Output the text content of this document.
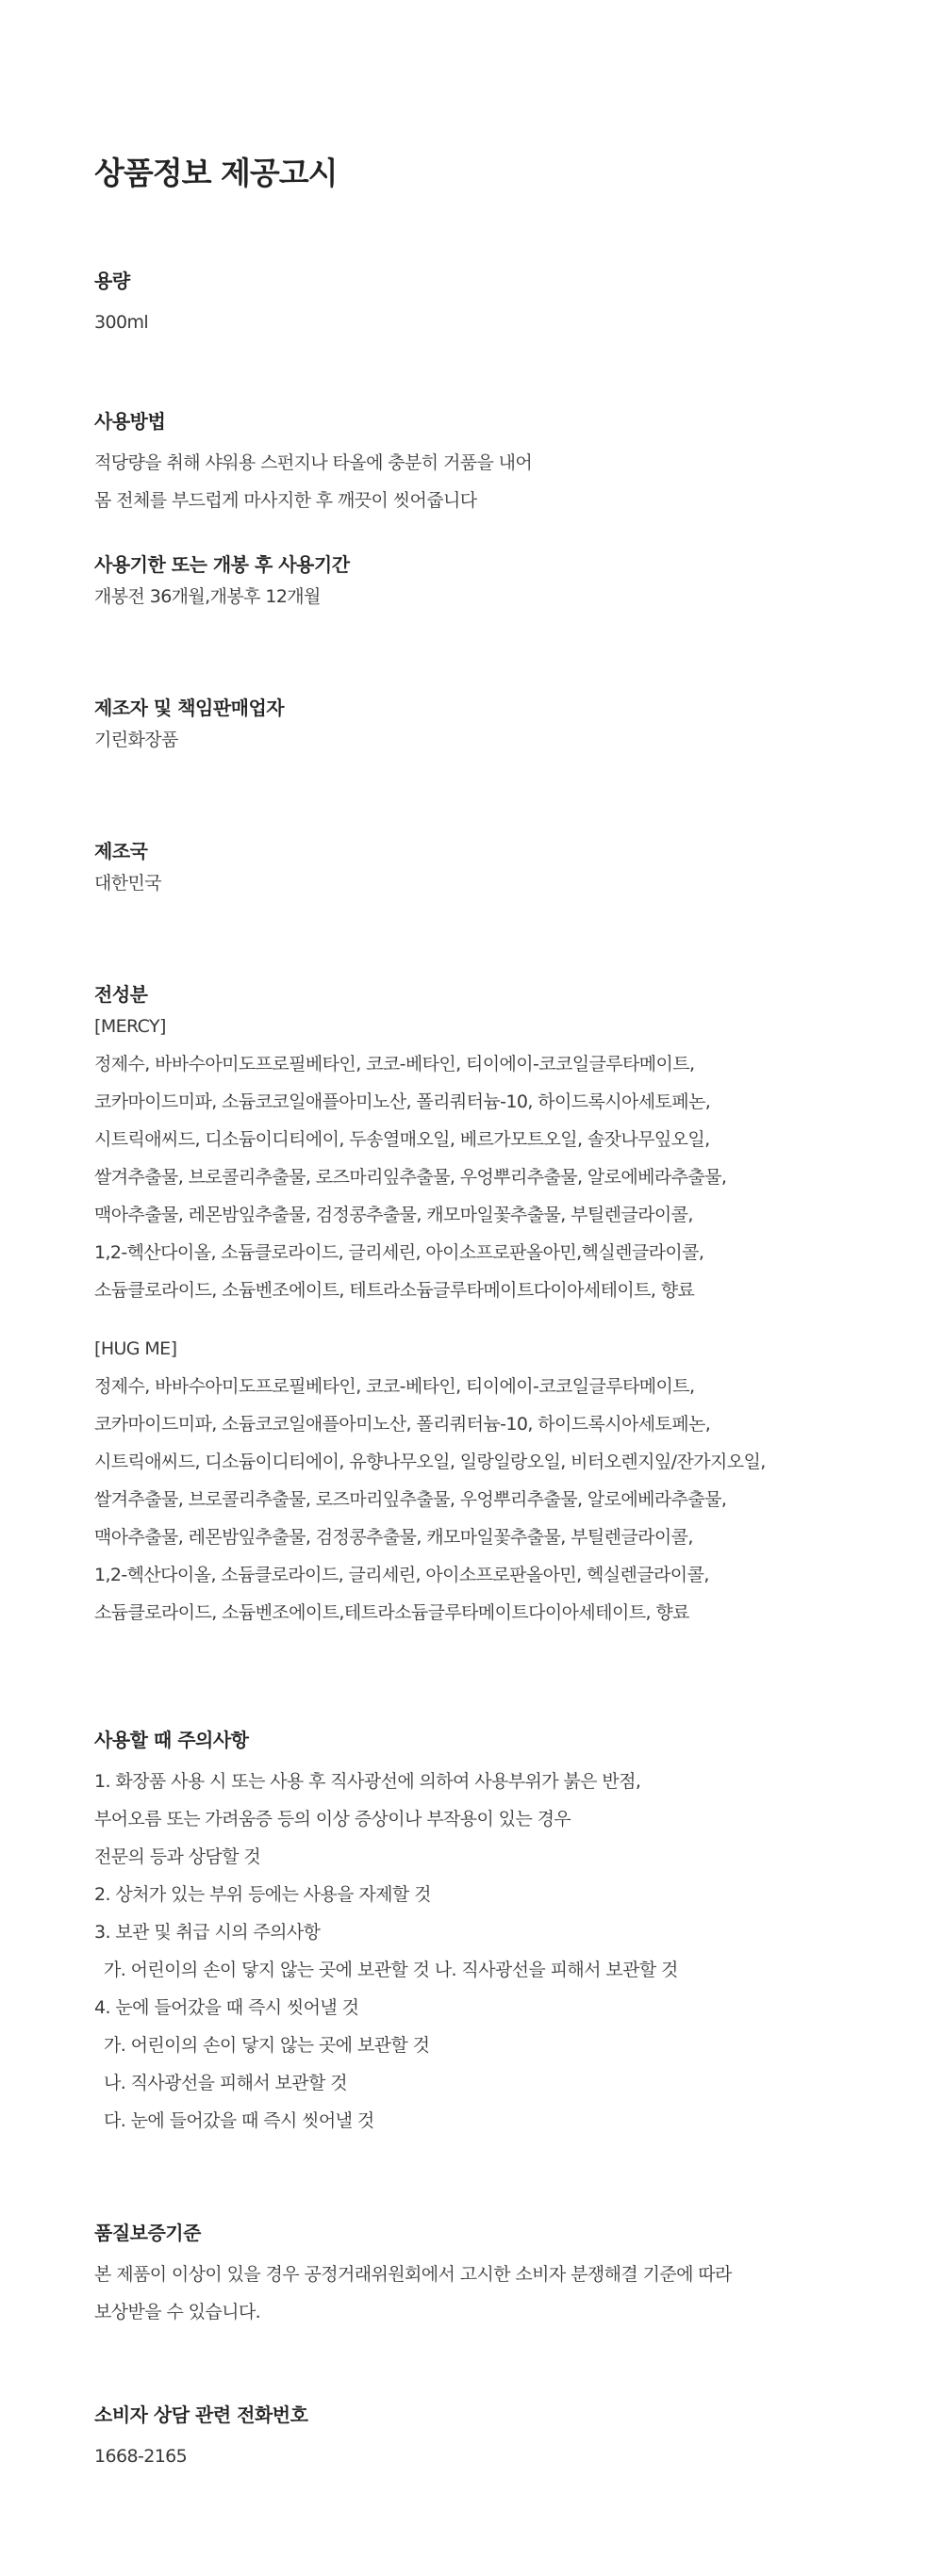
상품정보 제공고시

용량

300ml

사용방법

적당량을 취해 샤워용 스펀지나 타올에 충분히 거품을 내어
몸 전체를 부드럽게 마사지한 후 깨끗이 씻어줍니다

사용기한 또는 개봉 후 사용기간

개봉전 36개월,개봉후 12개월

제조자 및 책임판매업자

기린화장품

제조국

대한민국

전성분

[MERCY]
정제수, 바바수아미도프로필베타인, 코코-베타인, 티이에이-코코일글루타메이트,
코카마이드미파, 소듐코코일애플아미노산, 폴리쿼터늄-10, 하이드록시아세토페논,
시트릭애씨드, 디소듐이디티에이, 두송열매오일, 베르가모트오일, 솔잣나무잎오일,
쌀겨추출물, 브로콜리추출물, 로즈마리잎추출물, 우엉뿌리추출물, 알로에베라추출물,
맥아추출물, 레몬밤잎추출물, 검정콩추출물, 캐모마일꽃추출물, 부틸렌글라이콜,
1,2-헥산다이올, 소듐클로라이드, 글리세린, 아이소프로판올아민,헥실렌글라이콜,
소듐클로라이드, 소듐벤조에이트, 테트라소듐글루타메이트다이아세테이트, 향료
[HUG ME]
정제수, 바바수아미도프로필베타인, 코코-베타인, 티이에이-코코일글루타메이트,
코카마이드미파, 소듐코코일애플아미노산, 폴리쿼터늄-10, 하이드록시아세토페논,
시트릭애씨드, 디소듐이디티에이, 유향나무오일, 일랑일랑오일, 비터오렌지잎/잔가지오일,
쌀겨추출물, 브로콜리추출물, 로즈마리잎추출물, 우엉뿌리추출물, 알로에베라추출물,
맥아추출물, 레몬밤잎추출물, 검정콩추출물, 캐모마일꽃추출물, 부틸렌글라이콜,
1,2-헥산다이올, 소듐클로라이드, 글리세린, 아이소프로판올아민, 헥실렌글라이콜,
소듐클로라이드, 소듐벤조에이트,테트라소듐글루타메이트다이아세테이트, 향료

사용할 때 주의사항

1. 화장품 사용 시 또는 사용 후 직사광선에 의하여 사용부위가 붉은 반점,
부어오름 또는 가려움증 등의 이상 증상이나 부작용이 있는 경우
전문의 등과 상담할 것
2. 상처가 있는 부위 등에는 사용을 자제할 것
3. 보관 및 취급 시의 주의사항
가. 어린이의 손이 닿지 않는 곳에 보관할 것 나. 직사광선을 피해서 보관할 것
4. 눈에 들어갔을 때 즉시 씻어낼 것
가. 어린이의 손이 닿지 않는 곳에 보관할 것
나. 직사광선을 피해서 보관할 것
다. 눈에 들어갔을 때 즉시 씻어낼 것

품질보증기준

본 제품이 이상이 있을 경우 공정거래위원회에서 고시한 소비자 분쟁해결 기준에 따라
보상받을 수 있습니다.

소비자 상담 관련 전화번호

1668-2165
